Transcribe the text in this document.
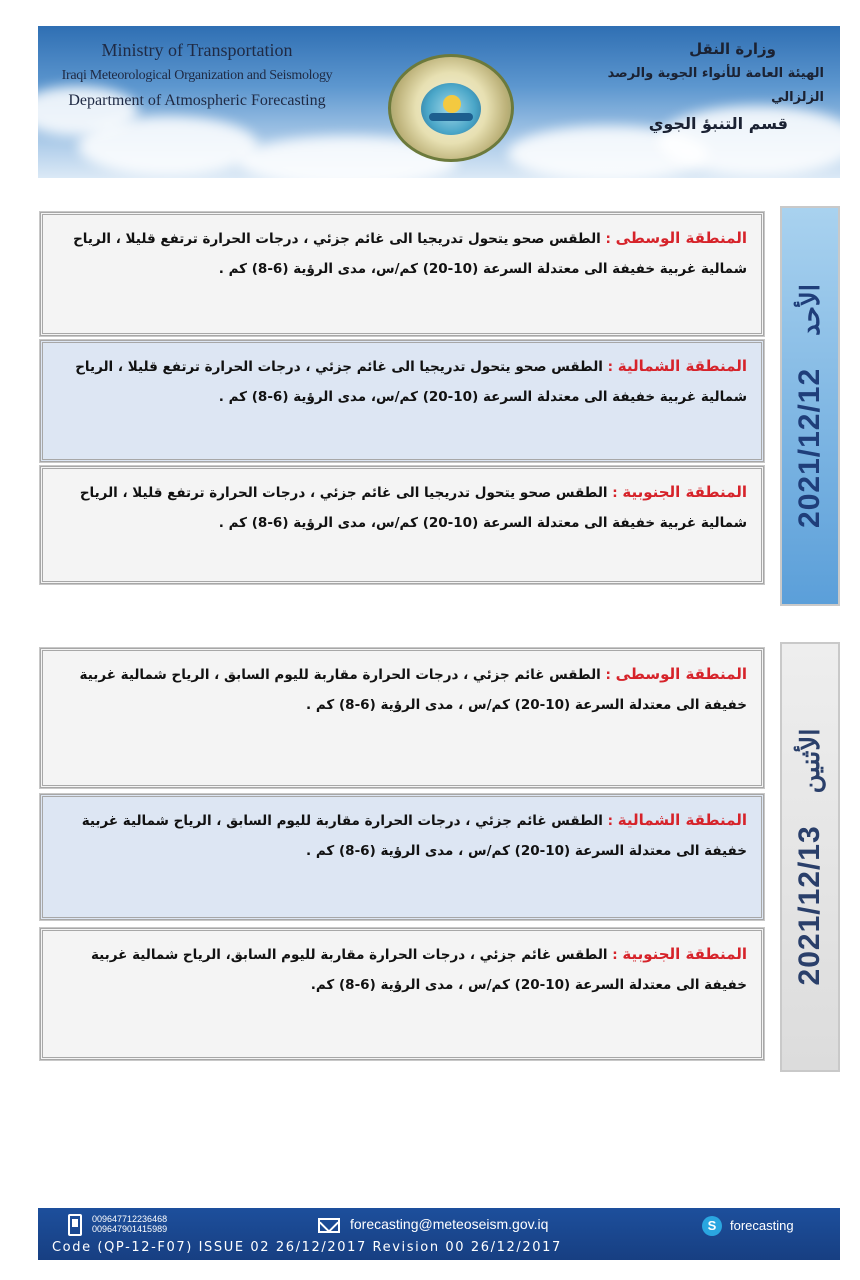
Ministry of Transportation
Iraqi Meteorological Organization and Seismology
Department of Atmospheric Forecasting
وزارة النقل
الهيئة العامة للأنواء الجوية والرصد الزلزالي
قسم التنبؤ الجوي
المنطقة الوسطى : الطقس صحو يتحول تدريجيا الى غائم جزئي ، درجات الحرارة ترتفع قليلا ، الرياح شمالية غربية خفيفة الى معتدلة السرعة (10-20) كم/س، مدى الرؤية (6-8) كم .
المنطقة الشمالية : الطقس صحو يتحول تدريجيا الى غائم جزئي ، درجات الحرارة ترتفع قليلا ، الرياح شمالية غربية خفيفة الى معتدلة السرعة (10-20) كم/س، مدى الرؤية (6-8) كم .
المنطقة الجنوبية : الطقس صحو يتحول تدريجيا الى غائم جزئي ، درجات الحرارة ترتفع قليلا ، الرياح شمالية غربية خفيفة الى معتدلة السرعة (10-20) كم/س، مدى الرؤية (6-8) كم .
الأحد
2021/12/12
المنطقة الوسطى : الطقس غائم جزئي ، درجات الحرارة مقاربة لليوم السابق ، الرياح شمالية غربية خفيفة الى معتدلة السرعة (10-20) كم/س ، مدى الرؤية (6-8) كم .
المنطقة الشمالية : الطقس غائم جزئي ، درجات الحرارة مقاربة لليوم السابق ، الرياح شمالية غربية خفيفة الى معتدلة السرعة (10-20) كم/س ، مدى الرؤية (6-8) كم .
المنطقة الجنوبية : الطقس غائم جزئي ، درجات الحرارة مقاربة لليوم السابق، الرياح شمالية غربية خفيفة الى معتدلة السرعة (10-20) كم/س ، مدى الرؤية (6-8) كم.
الأثنين
2021/12/13
009647712236468
009647901415989	forecasting@meteoseism.gov.iq	S	forecasting
Code (QP-12-F07) ISSUE 02 26/12/2017 Revision 00 26/12/2017
